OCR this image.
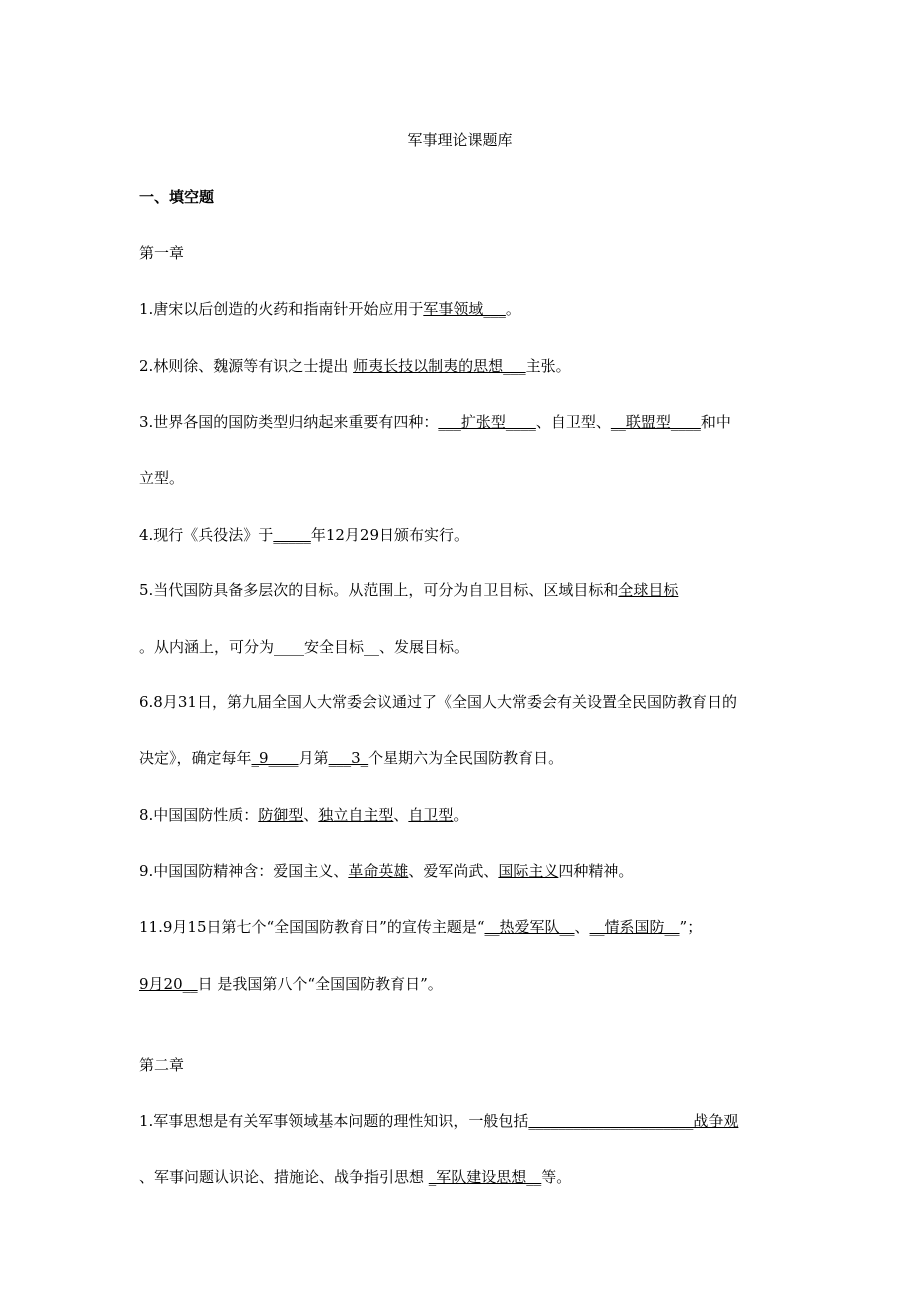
军事理论课题库

一、填空题

第一章

1.唐宋以后创造的火药和指南针开始应用于军事领域___。

2.林则徐、魏源等有识之士提出 师夷长技以制夷的思想___主张。

3.世界各国的国防类型归纳起来重要有四种：___扩张型____、自卫型、__联盟型____和中

立型。

4.现行《兵役法》于_____年12月29日颁布实行。

5.当代国防具备多层次的目标。从范围上，可分为自卫目标、区域目标和全球目标

。从内涵上，可分为____安全目标__、发展目标。

6.8月31日，第九届全国人大常委会议通过了《全国人大常委会有关设置全民国防教育日的

决定》，确定每年_9____月第___3_个星期六为全民国防教育日。

8.中国国防性质：防御型、独立自主型、自卫型。

9.中国国防精神含：爱国主义、革命英雄、爱军尚武、国际主义四种精神。

11.9月15日第七个“全国国防教育日”的宣传主题是“__热爱军队__、__情系国防__”；

9月20__日 是我国第八个“全国国防教育日”。

第二章

1.军事思想是有关军事领域基本问题的理性知识，一般包括______________________战争观

、军事问题认识论、措施论、战争指引思想 _军队建设思想__等。
